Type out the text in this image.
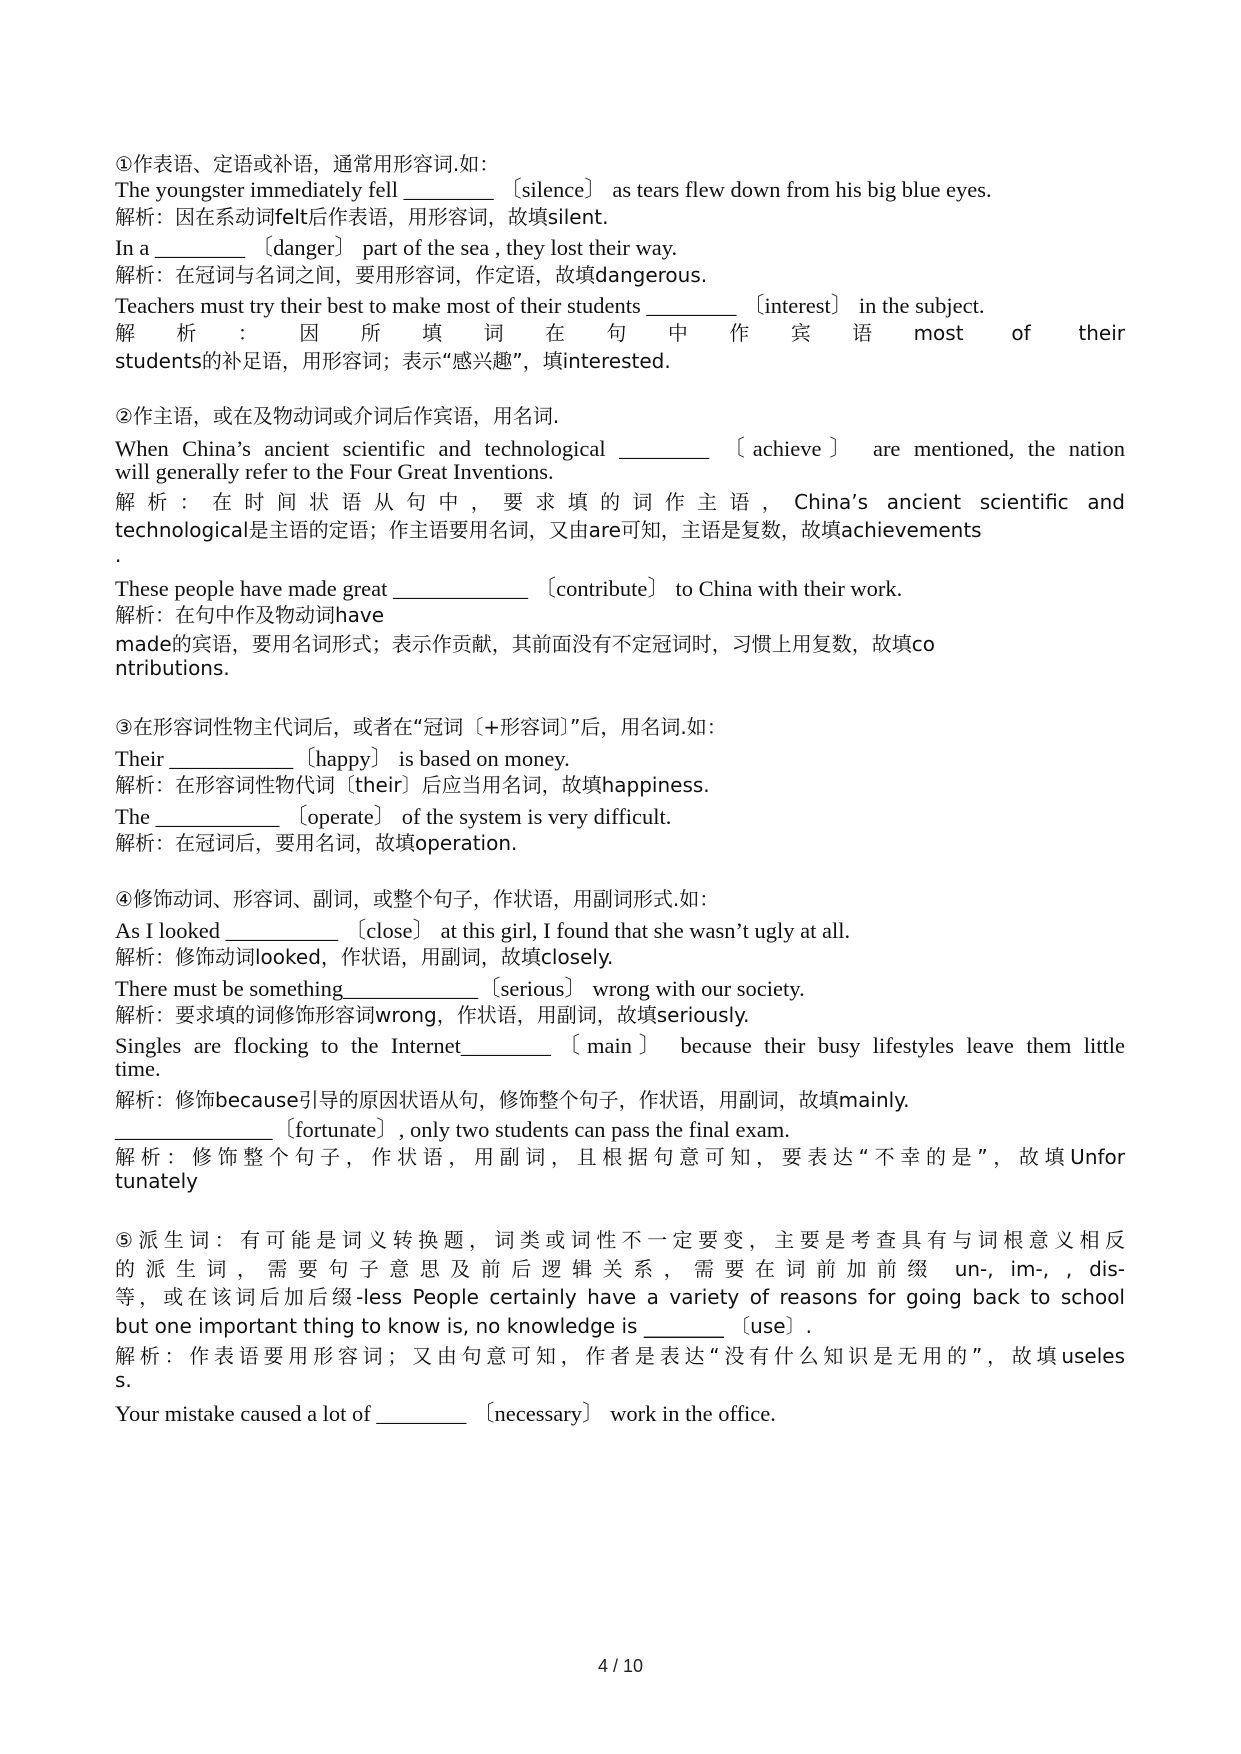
①作表语、定语或补语，通常用形容词.如：
The youngster immediately fell ________ 〔silence〕 as tears flew down from his big blue eyes.
解析：因在系动词felt后作表语，用形容词，故填silent.
In a ________ 〔danger〕 part of the sea , they lost their way.
解析：在冠词与名词之间，要用形容词，作定语，故填dangerous.
Teachers must try their best to make most of their students ________ 〔interest〕 in the subject.
解析：因所填词在句中作宾语most of their
students的补足语，用形容词；表示“感兴趣”，填interested.
②作主语，或在及物动词或介词后作宾语，用名词.
When China’s ancient scientific and technological ________ 〔achieve〕 are mentioned, the nation
will generally refer to the Four Great Inventions.
解析：在时间状语从句中，要求填的词作主语，China’s ancient scientific and
technological是主语的定语；作主语要用名词，又由are可知，主语是复数，故填achievements
.
These people have made great ____________ 〔contribute〕 to China with their work.
解析：在句中作及物动词have
made的宾语，要用名词形式；表示作贡献，其前面没有不定冠词时，习惯上用复数，故填co
ntributions.
③在形容词性物主代词后，或者在“冠词〔+形容词〕”后，用名词.如：
Their ___________〔happy〕 is based on money.
解析：在形容词性物代词〔their〕后应当用名词，故填happiness.
The ___________ 〔operate〕 of the system is very difficult.
解析：在冠词后，要用名词，故填operation.
④修饰动词、形容词、副词，或整个句子，作状语，用副词形式.如：
As I looked __________ 〔close〕 at this girl, I found that she wasn’t ugly at all.
解析：修饰动词looked，作状语，用副词，故填closely.
There must be something____________〔serious〕 wrong with our society.
解析：要求填的词修饰形容词wrong，作状语，用副词，故填seriously.
Singles are flocking to the Internet________〔main〕 because their busy lifestyles leave them little
time.
解析：修饰because引导的原因状语从句，修饰整个句子，作状语，用副词，故填mainly.
______________〔fortunate〕, only two students can pass the final exam.
解析：修饰整个句子，作状语，用副词，且根据句意可知，要表达“不幸的是”，故填Unfor
tunately
⑤派生词：有可能是词义转换题，词类或词性不一定要变，主要是考查具有与词根意义相反
的派生词，需要句子意思及前后逻辑关系，需要在词前加前缀 un-, im-, , dis-
等，或在该词后加后缀-less People certainly have a variety of reasons for going back to school
but one important thing to know is, no knowledge is ________ 〔use〕.
解析：作表语要用形容词；又由句意可知，作者是表达“没有什么知识是无用的”，故填useles
s.
Your mistake caused a lot of ________ 〔necessary〕 work in the office.
4 / 10
